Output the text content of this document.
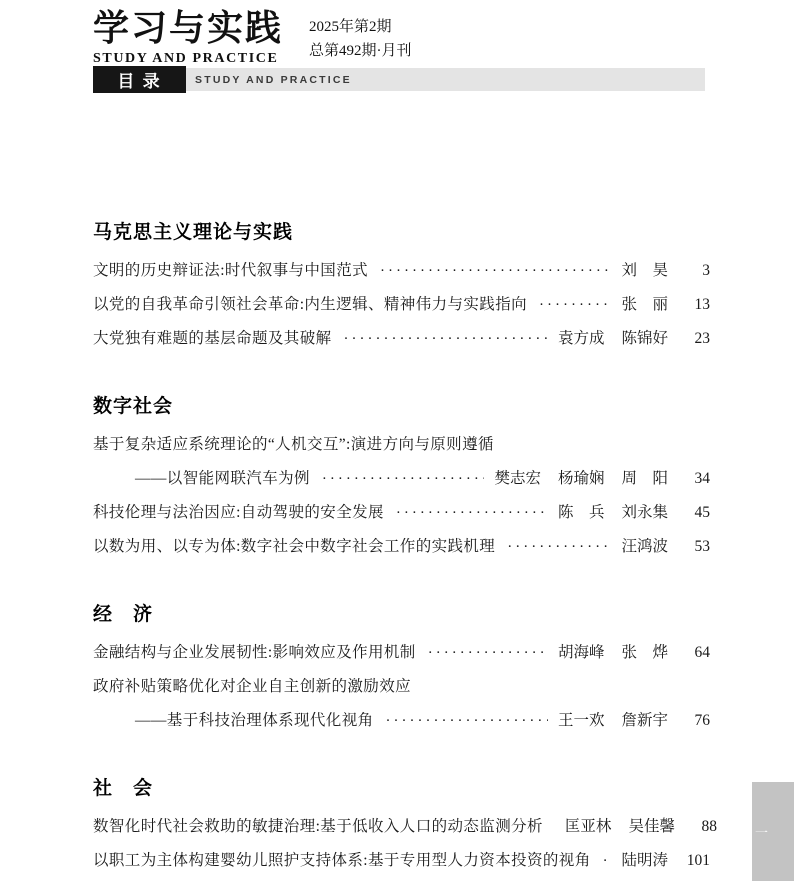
学习与实践
STUDY AND PRACTICE
2025年第2期
总第492期·月刊
目 录	STUDY AND PRACTICE
马克思主义理论与实践
文明的历史辩证法:时代叙事与中国范式 ·····	刘　昊	3
以党的自我革命引领社会革命:内生逻辑、精神伟力与实践指向 ·····	张　丽	13
大党独有难题的基层命题及其破解 ·····	袁方成 陈锦好	23
数字社会
基于复杂适应系统理论的“人机交互”:演进方向与原则遵循
——以智能网联汽车为例 ·····	樊志宏 杨瑜娴 周　阳	34
科技伦理与法治因应:自动驾驶的安全发展 ·····	陈　兵 刘永集	45
以数为用、以专为体:数字社会中数字社会工作的实践机理 ·····	汪鸿波	53
经　济
金融结构与企业发展韧性:影响效应及作用机制 ·····	胡海峰 张　烨	64
政府补贴策略优化对企业自主创新的激励效应
——基于科技治理体系现代化视角 ·····	王一欢 詹新宇	76
社　会
数智化时代社会救助的敏捷治理:基于低收入人口的动态监测分析 匡亚林 吴佳馨	88
以职工为主体构建婴幼儿照护支持体系:基于专用型人力资本投资的视角 ····· 陆明涛 101
一
